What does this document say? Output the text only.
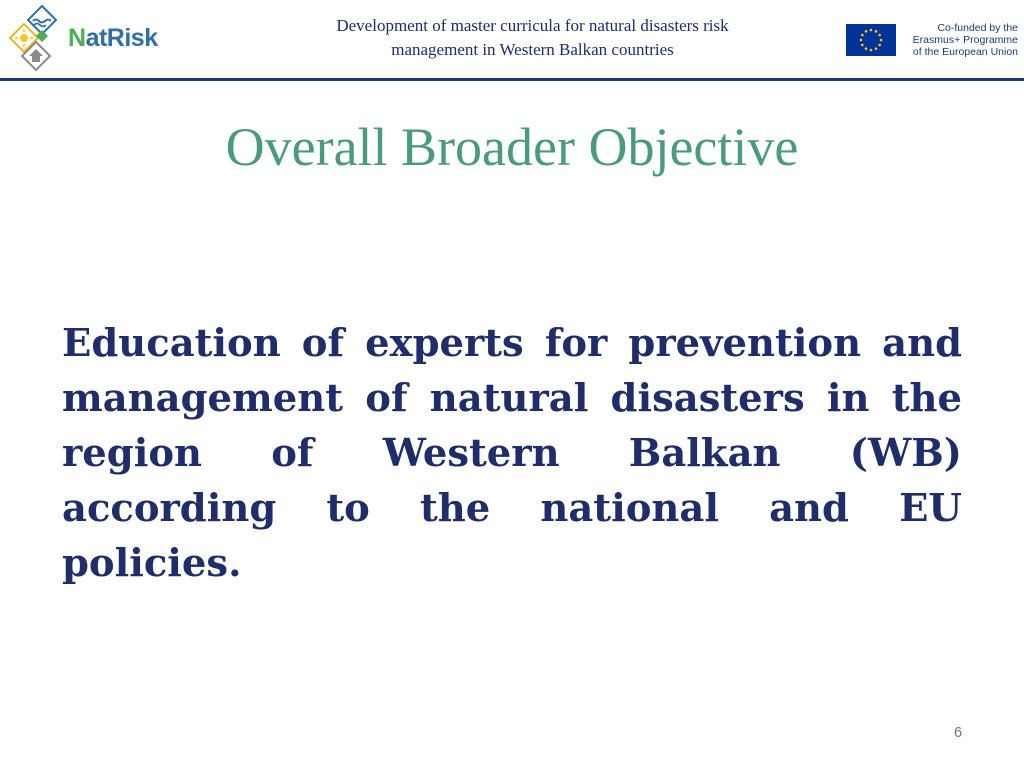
NatRisk	Development of master curricula for natural disasters risk
management in Western Balkan countries
Co-funded by the
Erasmus+ Programme
of the European Union
Overall Broader Objective

Education of experts for prevention and management of natural disasters in the region of Western Balkan (WB) according to the national and EU policies.

6
